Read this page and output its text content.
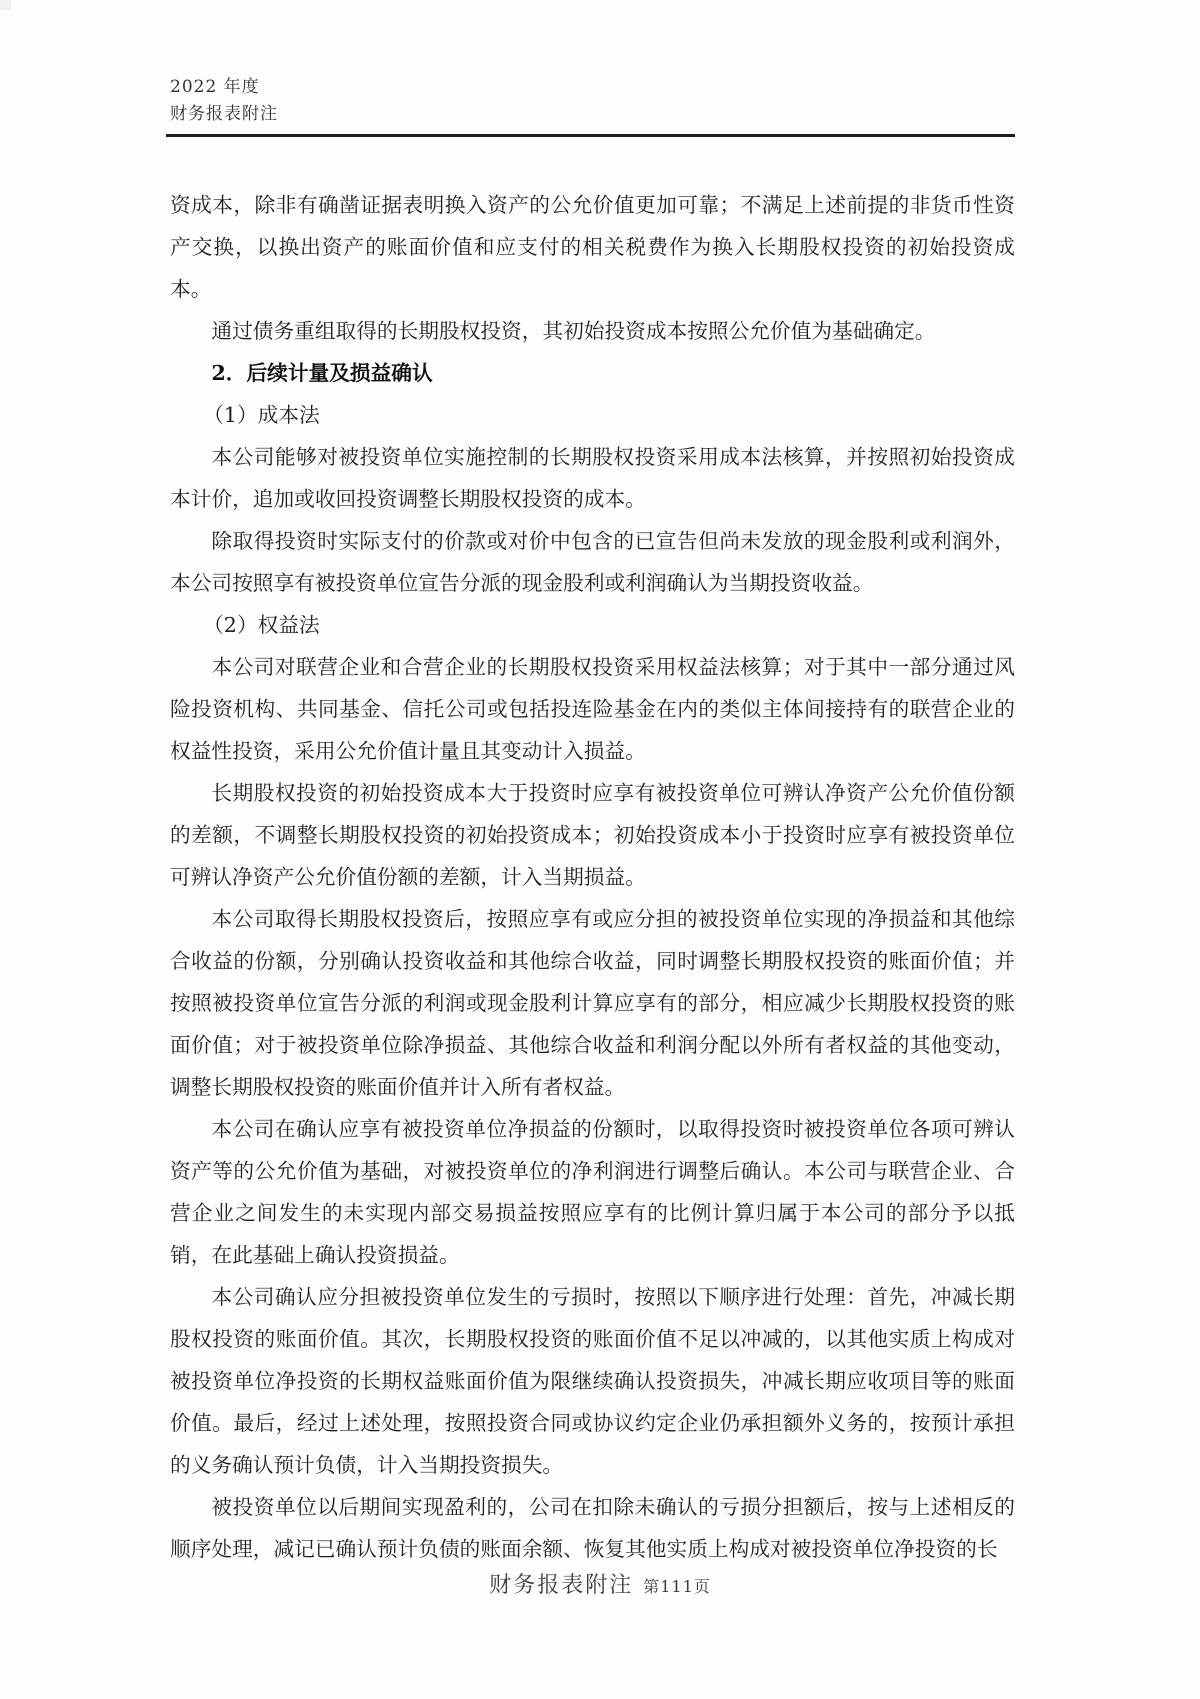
2022 年度
财务报表附注

资成本，除非有确凿证据表明换入资产的公允价值更加可靠；不满足上述前提的非货币性资产交换，以换出资产的账面价值和应支付的相关税费作为换入长期股权投资的初始投资成本。

通过债务重组取得的长期股权投资，其初始投资成本按照公允价值为基础确定。

2．后续计量及损益确认

（1）成本法

本公司能够对被投资单位实施控制的长期股权投资采用成本法核算，并按照初始投资成本计价，追加或收回投资调整长期股权投资的成本。

除取得投资时实际支付的价款或对价中包含的已宣告但尚未发放的现金股利或利润外，本公司按照享有被投资单位宣告分派的现金股利或利润确认为当期投资收益。

（2）权益法

本公司对联营企业和合营企业的长期股权投资采用权益法核算；对于其中一部分通过风险投资机构、共同基金、信托公司或包括投连险基金在内的类似主体间接持有的联营企业的权益性投资，采用公允价值计量且其变动计入损益。

长期股权投资的初始投资成本大于投资时应享有被投资单位可辨认净资产公允价值份额的差额，不调整长期股权投资的初始投资成本；初始投资成本小于投资时应享有被投资单位可辨认净资产公允价值份额的差额，计入当期损益。

本公司取得长期股权投资后，按照应享有或应分担的被投资单位实现的净损益和其他综合收益的份额，分别确认投资收益和其他综合收益，同时调整长期股权投资的账面价值；并按照被投资单位宣告分派的利润或现金股利计算应享有的部分，相应减少长期股权投资的账面价值；对于被投资单位除净损益、其他综合收益和利润分配以外所有者权益的其他变动，调整长期股权投资的账面价值并计入所有者权益。

本公司在确认应享有被投资单位净损益的份额时，以取得投资时被投资单位各项可辨认资产等的公允价值为基础，对被投资单位的净利润进行调整后确认。本公司与联营企业、合营企业之间发生的未实现内部交易损益按照应享有的比例计算归属于本公司的部分予以抵销，在此基础上确认投资损益。

本公司确认应分担被投资单位发生的亏损时，按照以下顺序进行处理：首先，冲减长期股权投资的账面价值。其次，长期股权投资的账面价值不足以冲减的，以其他实质上构成对被投资单位净投资的长期权益账面价值为限继续确认投资损失，冲减长期应收项目等的账面价值。最后，经过上述处理，按照投资合同或协议约定企业仍承担额外义务的，按预计承担的义务确认预计负债，计入当期投资损失。

被投资单位以后期间实现盈利的，公司在扣除未确认的亏损分担额后，按与上述相反的顺序处理，减记已确认预计负债的账面余额、恢复其他实质上构成对被投资单位净投资的长

财务报表附注 第111页
